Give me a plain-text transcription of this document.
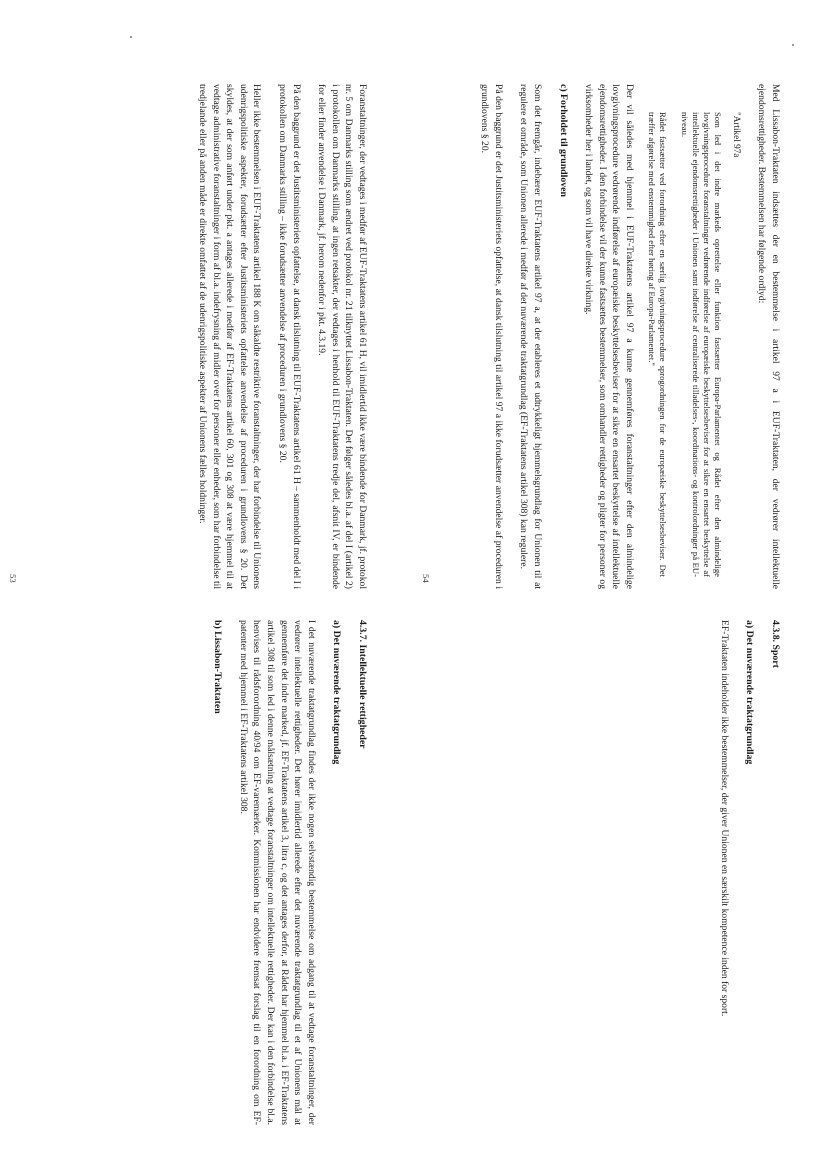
Foranstaltninger, der vedtages i medfør af EUF-Traktatens artikel 61 H, vil imidlertid ikke være bindende for Danmark, jf. protokol nr. 5 om Danmarks stilling som ændret ved protokol nr. 21 tilknyttet Lissabon-Traktaten. Det følger således bl.a. af del I (artikel 2) i protokollen om Danmarks stilling, at ingen retsakter, der vedtages i henhold til EUF-Traktatens tredje del, afsnit IV, er bindende for eller finder anvendelse i Danmark, jf. herom nedenfor i pkt. 4.3.19.

På den baggrund er det Justitsministeriets opfattelse, at dansk tilslutning til EUF-Traktatens artikel 61 H – sammenholdt med del I i protokollen om Danmarks stilling – ikke forudsætter anvendelse af proceduren i grundlovens § 20.

Heller ikke bestemmelsen i EUF-Traktatens artikel 188 K om såkaldte restriktive foranstaltninger, der har forbindelse til Unionens udenrigspolitiske aspekter, forudsætter efter Justitsministeriets opfattelse anvendelse af proceduren i grundlovens § 20. Det skyldes, at der som anført under pkt. a antages allerede i medfør af EF-Traktatens artikel 60, 301 og 308 at være hjemmel til at vedtage administrative foranstaltninger i form af bl.a. indefrysning af midler over for personer eller enheder, som har forbindelse til tredjelande eller på anden måde er direkte omfattet af de udenrigspolitiske aspekter af Unionens fælles holdninger.

4.3.7. Intellektuelle rettigheder
a) Det nuværende traktatgrundlag

I det nuværende traktatgrundlag findes der ikke nogen selvstændig bestemmelse om adgang til at vedtage foranstaltninger, der vedrører intellektuelle rettigheder. Det hører imidlertid allerede efter det nuværende traktatgrundlag til et af Unionens mål at gennemføre det indre marked, jf. EF-Traktatens artikel 3, litra c, og det antages derfor, at Rådet har hjemmel bl.a. i EF-Traktatens artikel 308 til som led i denne målsætning at vedtage foranstaltninger om intellektuelle rettigheder. Der kan i den forbindelse bl.a. henvises til rådsforordning 40/94 om EF-varemærker. Kommissionen har endvidere fremsat forslag til en forordning om EF-patenter med hjemmel i EF-Traktatens artikel 308.

b) Lissabon-Traktaten
53	Med Lissabon-Traktaten indsættes der en bestemmelse i artikel 97 a i EUF-Traktaten, der vedrører intellektuelle ejendomsrettigheder. Bestemmelsen har følgende ordlyd:

"Artikel 97a
Som led i det indre markeds oprettelse eller funktion fastsætter Europa-Parlamentet og Rådet efter den almindelige lovgivningsprocedure foranstaltninger vedrørende indførelse af europæiske beskyttelsesbeviser for at sikre en ensartet beskyttelse af intellektuelle ejendomsrettigheder i Unionen samt indførelse af centraliserede tilladelses-, koordinations- og kontrolordninger på EU-niveau.
Rådet fastsætter ved forordning efter en særlig lovgivningsprocedure sprogordningen for de europæiske beskyttelsesbeviser. Det træffer afgørelse med enstemmighed efter høring af Europa-Parlamentet."

Der vil således med hjemmel i EUF-Traktatens artikel 97 a kunne gennemføres foranstaltninger efter den almindelige lovgivningsprocedure vedrørende indførelse af europæiske beskyttelsesbeviser for at sikre en ensartet beskyttelse af intellektuelle ejendomsrettigheder. I den forbindelse vil der kunne fastsættes bestemmelser, som omhandler rettigheder og pligter for personer og virksomheder her i landet, og som vil have direkte virkning.

c) Forholdet til grundloven

Som det fremgår, indebærer EUF-Traktatens artikel 97 a, at der etableres et udtrykkeligt hjemmelsgrundlag for Unionen til at regulere et område, som Unionen allerede i medfør af det nuværende traktatgrundlag (EF-Traktatens artikel 308) kan regulere.

På den baggrund er det Justitsministeriets opfattelse, at dansk tilslutning til artikel 97 a ikke forudsætter anvendelse af proceduren i grundlovens § 20.

4.3.8. Sport
a) Det nuværende traktatgrundlag

EF-Traktaten indeholder ikke bestemmelser, der giver Unionen en særskilt kompetence inden for sport.

54
